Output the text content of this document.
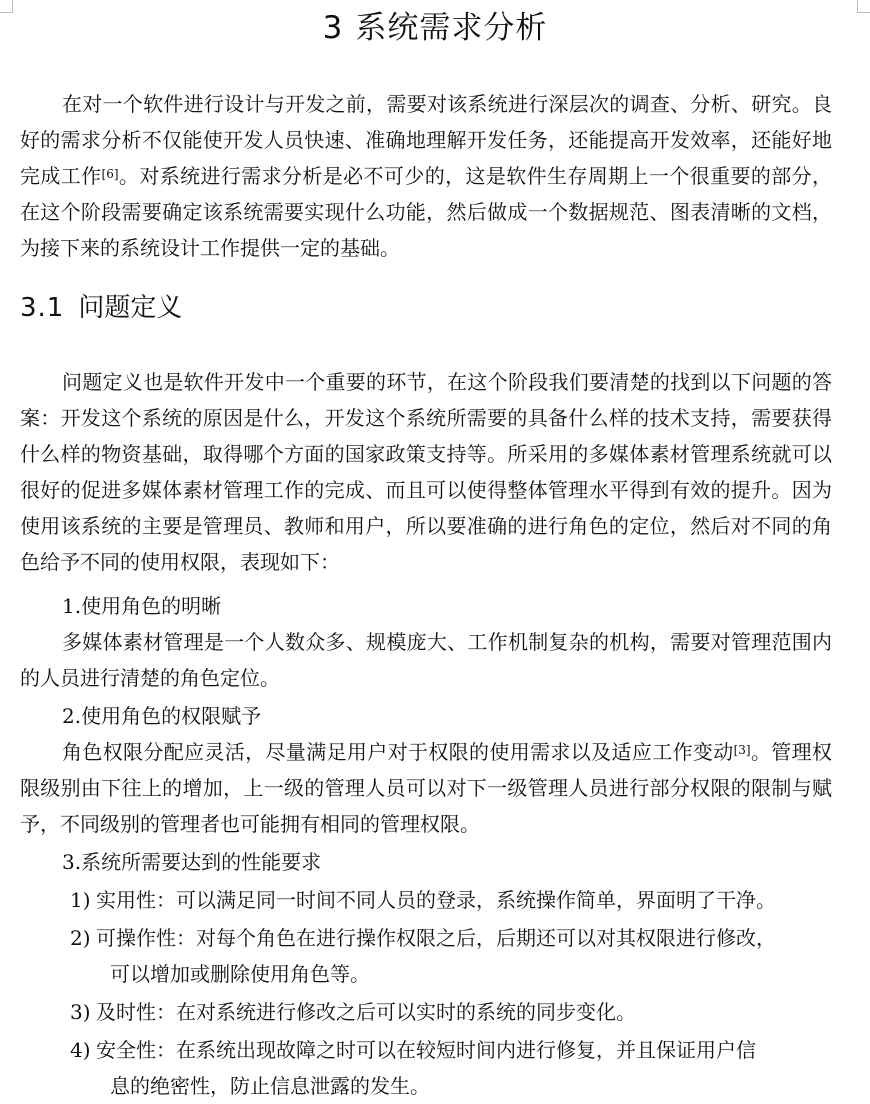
3 系统需求分析

在对一个软件进行设计与开发之前，需要对该系统进行深层次的调查、分析、研究。良好的需求分析不仅能使开发人员快速、准确地理解开发任务，还能提高开发效率，还能好地完成工作[6]。对系统进行需求分析是必不可少的，这是软件生存周期上一个很重要的部分，在这个阶段需要确定该系统需要实现什么功能，然后做成一个数据规范、图表清晰的文档，为接下来的系统设计工作提供一定的基础。

3.1 问题定义

问题定义也是软件开发中一个重要的环节，在这个阶段我们要清楚的找到以下问题的答案：开发这个系统的原因是什么，开发这个系统所需要的具备什么样的技术支持，需要获得什么样的物资基础，取得哪个方面的国家政策支持等。所采用的多媒体素材管理系统就可以很好的促进多媒体素材管理工作的完成、而且可以使得整体管理水平得到有效的提升。因为使用该系统的主要是管理员、教师和用户，所以要准确的进行角色的定位，然后对不同的角色给予不同的使用权限，表现如下：

1.使用角色的明晰

多媒体素材管理是一个人数众多、规模庞大、工作机制复杂的机构，需要对管理范围内的人员进行清楚的角色定位。

2.使用角色的权限赋予

角色权限分配应灵活，尽量满足用户对于权限的使用需求以及适应工作变动[3]。管理权限级别由下往上的增加，上一级的管理人员可以对下一级管理人员进行部分权限的限制与赋予，不同级别的管理者也可能拥有相同的管理权限。

3.系统所需要达到的性能要求
1) 实用性：可以满足同一时间不同人员的登录，系统操作简单，界面明了干净。
2) 可操作性：对每个角色在进行操作权限之后，后期还可以对其权限进行修改，
可以增加或删除使用角色等。
3) 及时性：在对系统进行修改之后可以实时的系统的同步变化。
4) 安全性：在系统出现故障之时可以在较短时间内进行修复，并且保证用户信
息的绝密性，防止信息泄露的发生。
